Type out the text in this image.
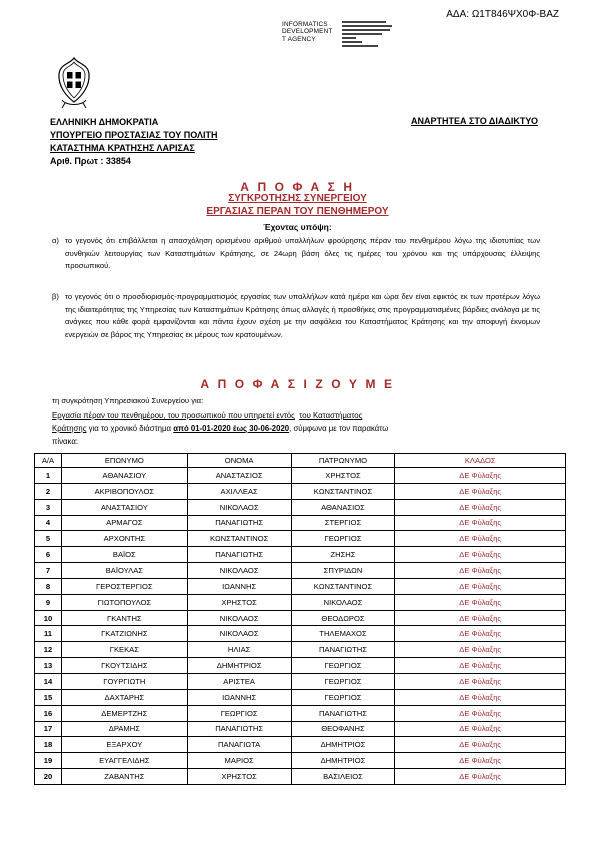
ΑΔΑ: Ω1Τ846ΨΧ0Φ-ΒΑΖ
INFORMATICS
DEVELOPMENT
T AGENCY
ΕΛΛΗΝΙΚΗ ΔΗΜΟΚΡΑΤΙΑ
ΥΠΟΥΡΓΕΙΟ ΠΡΟΣΤΑΣΙΑΣ ΤΟΥ ΠΟΛΙΤΗ
ΚΑΤΑΣΤΗΜΑ ΚΡΑΤΗΣΗΣ ΛΑΡΙΣΑΣ
Αριθ. Πρωτ : 33854
ΑΝΑΡΤΗΤΕΑ ΣΤΟ ΔΙΑΔΙΚΤΥΟ
Α Π Ο Φ Α Σ Η
ΣΥΓΚΡΟΤΗΣΗΣ ΣΥΝΕΡΓΕΙΟΥ
ΕΡΓΑΣΙΑΣ ΠΕΡΑΝ ΤΟΥ ΠΕΝΘΗΜΕΡΟΥ
Έχοντας υπόψη:
α) το γεγονός ότι επιβάλλεται η απασχόληση ορισμένου αριθμού υπαλλήλων φρούρησης πέραν του πενθημέρου λόγω της ιδιοτυπίας των συνθηκών λειτουργίας των Καταστημάτων Κράτησης, σε 24ωρη βάση όλες τις ημέρες του χρόνου και της υπάρχουσας έλλειψης προσωπικού.
β) το γεγονός ότι ο προσδιορισμός-προγραμματισμός εργασίας των υπαλλήλων κατά ημέρα και ώρα δεν είναι εφικτός εκ των προτέρων λόγω της ιδιαιτερότητας της Υπηρεσίας των Καταστημάτων Κράτησης όπως αλλαγές ή προσθήκες στις προγραμματισμένες βάρδιες ανάλογα με τις ανάγκες που κάθε φορά εμφανίζονται και πάντα έχουν σχέση με την ασφάλεια του Καταστήματος Κράτησης και την αποφυγή έκνομων ενεργειών σε βάρος της Υπηρεσίας εκ μέρους των κρατουμένων.
Α Π Ο Φ Α Σ Ι Ζ Ο Υ Μ Ε
τη συγκρότηση Υπηρεσιακού Συνεργείου για:
Εργασία πέραν του πενθημέρου, του προσωπικού που υπηρετεί εντός του Καταστήματος
Κράτησης για το χρονικό διάστημα από 01-01-2020 έως 30-06-2020, σύμφωνα με τον παρακάτω
πίνακα:
Α/Α	ΕΠΩΝΥΜΟ	ΟΝΟΜΑ	ΠΑΤΡΩΝΥΜΟ	ΚΛΑΔΟΣ
1	ΑΘΑΝΑΣΙΟΥ	ΑΝΑΣΤΑΣΙΟΣ	ΧΡΗΣΤΟΣ	ΔΕ Φύλαξης
2	ΑΚΡΙΒΟΠΟΥΛΟΣ	ΑΧΙΛΛΕΑΣ	ΚΩΝΣΤΑΝΤΙΝΟΣ	ΔΕ Φύλαξης
3	ΑΝΑΣΤΑΣΙΟΥ	ΝΙΚΟΛΑΟΣ	ΑΘΑΝΑΣΙΟΣ	ΔΕ Φύλαξης
4	ΑΡΜΑΓΟΣ	ΠΑΝΑΓΙΩΤΗΣ	ΣΤΕΡΓΙΟΣ	ΔΕ Φύλαξης
5	ΑΡΧΟΝΤΗΣ	ΚΩΝΣΤΑΝΤΙΝΟΣ	ΓΕΩΡΓΙΟΣ	ΔΕ Φύλαξης
6	ΒΑΪΟΣ	ΠΑΝΑΓΙΩΤΗΣ	ΖΗΣΗΣ	ΔΕ Φύλαξης
7	ΒΑΪΟΥΛΑΣ	ΝΙΚΟΛΑΟΣ	ΣΠΥΡΙΔΩΝ	ΔΕ Φύλαξης
8	ΓΕΡΟΣΤΕΡΓΙΟΣ	ΙΩΑΝΝΗΣ	ΚΩΝΣΤΑΝΤΙΝΟΣ	ΔΕ Φύλαξης
9	ΓΙΩΤΟΠΟΥΛΟΣ	ΧΡΗΣΤΟΣ	ΝΙΚΟΛΑΟΣ	ΔΕ Φύλαξης
10	ΓΚΑΝΤΗΣ	ΝΙΚΟΛΑΟΣ	ΘΕΟΔΩΡΟΣ	ΔΕ Φύλαξης
11	ΓΚΑΤΖΙΩΝΗΣ	ΝΙΚΟΛΑΟΣ	ΤΗΛΕΜΑΧΟΣ	ΔΕ Φύλαξης
12	ΓΚΕΚΑΣ	ΗΛΙΑΣ	ΠΑΝΑΓΙΩΤΗΣ	ΔΕ Φύλαξης
13	ΓΚΟΥΤΣΙΔΗΣ	ΔΗΜΗΤΡΙΟΣ	ΓΕΩΡΓΙΟΣ	ΔΕ Φύλαξης
14	ΓΟΥΡΓΙΩΤΗ	ΑΡΙΣΤΕΑ	ΓΕΩΡΓΙΟΣ	ΔΕ Φύλαξης
15	ΔΑΧΤΑΡΗΣ	ΙΩΑΝΝΗΣ	ΓΕΩΡΓΙΟΣ	ΔΕ Φύλαξης
16	ΔΕΜΕΡΤΖΗΣ	ΓΕΩΡΓΙΟΣ	ΠΑΝΑΓΙΩΤΗΣ	ΔΕ Φύλαξης
17	ΔΡΑΜΗΣ	ΠΑΝΑΓΙΩΤΗΣ	ΘΕΟΦΑΝΗΣ	ΔΕ Φύλαξης
18	ΕΞΑΡΧΟΥ	ΠΑΝΑΓΙΩΤΑ	ΔΗΜΗΤΡΙΟΣ	ΔΕ Φύλαξης
19	ΕΥΑΓΓΕΛΙΔΗΣ	ΜΑΡΙΟΣ	ΔΗΜΗΤΡΙΟΣ	ΔΕ Φύλαξης
20	ΖΑΒΑΝΤΗΣ	ΧΡΗΣΤΟΣ	ΒΑΣΙΛΕΙΟΣ	ΔΕ Φύλαξης
